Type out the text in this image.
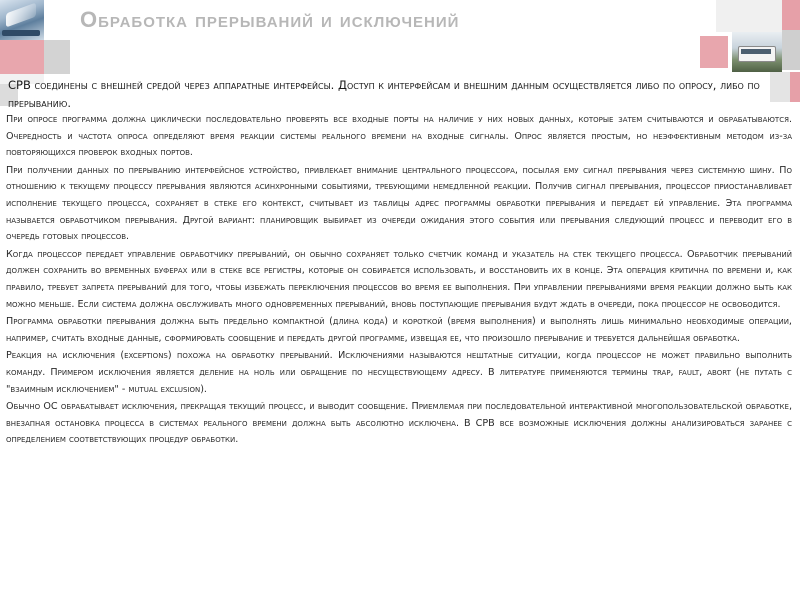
Обработка прерываний и исключений
СРВ соединены с внешней средой через аппаратные интерфейсы. Доступ к интерфейсам и внешним данным осуществляется либо по опросу, либо по прерыванию.

При опросе программа должна циклически последовательно проверять все входные порты на наличие у них новых данных, которые затем считываются и обрабатываются. Очередность и частота опроса определяют время реакции системы реального времени на входные сигналы. Опрос является простым, но неэффективным методом из-за повторяющихся проверок входных портов.

При получении данных по прерыванию интерфейсное устройство, привлекает внимание центрального процессора, посылая ему сигнал прерывания через системную шину. По отношению к текущему процессу прерывания являются асинхронными событиями, требующими немедленной реакции. Получив сигнал прерывания, процессор приостанавливает исполнение текущего процесса, сохраняет в стеке его контекст, считывает из таблицы адрес программы обработки прерывания и передает ей управление. Эта программа называется обработчиком прерывания. Другой вариант: планировщик выбирает из очереди ожидания этого события или прерывания следующий процесс и переводит его в очередь готовых процессов.

Когда процессор передает управление обработчику прерываний, он обычно сохраняет только счетчик команд и указатель на стек текущего процесса. Обработчик прерываний должен сохранить во временных буферах или в стеке все регистры, которые он собирается использовать, и восстановить их в конце. Эта операция критична по времени и, как правило, требует запрета прерываний для того, чтобы избежать переключения процессов во время ее выполнения. При управлении прерываниями время реакции должно быть как можно меньше. Если система должна обслуживать много одновременных прерываний, вновь поступающие прерывания будут ждать в очереди, пока процессор не освободится.

Программа обработки прерывания должна быть предельно компактной (длина кода) и короткой (время выполнения) и выполнять лишь минимально необходимые операции, например, считать входные данные, сформировать сообщение и передать другой программе, извещая ее, что произошло прерывание и требуется дальнейшая обработка.

Реакция на исключения (exceptions) похожа на обработку прерываний. Исключениями называются нештатные ситуации, когда процессор не может правильно выполнить команду. Примером исключения является деление на ноль или обращение по несуществующему адресу. В литературе применяются термины trap, fault, abort (не путать с "взаимным исключением" - mutual exclusion).

Обычно ОС обрабатывает исключения, прекращая текущий процесс, и выводит сообщение. Приемлемая при последовательной интерактивной многопользовательской обработке, внезапная остановка процесса в системах реального времени должна быть абсолютно исключена. В СРВ все возможные исключения должны анализироваться заранее с определением соответствующих процедур обработки.
